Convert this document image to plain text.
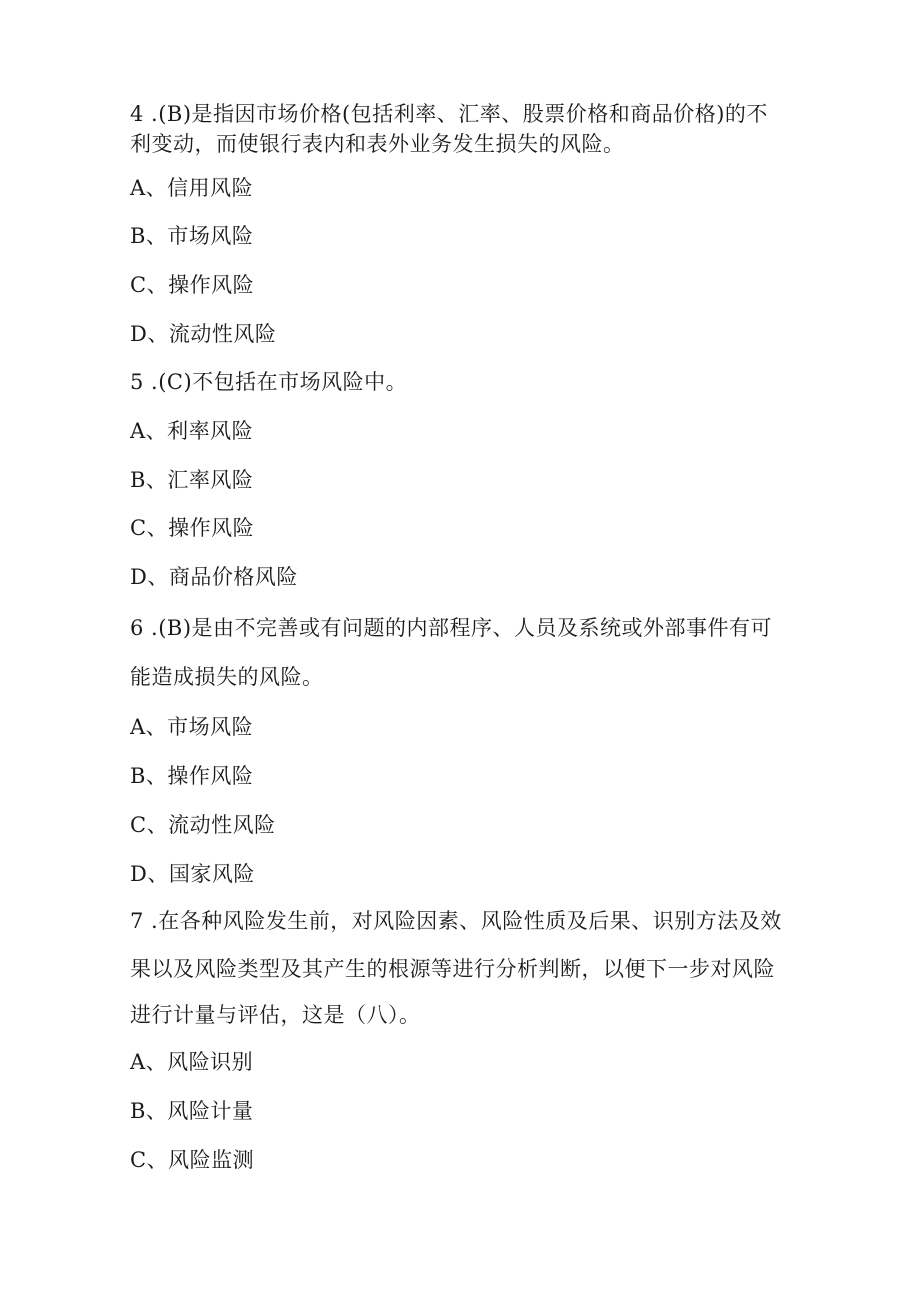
4 .(B)是指因市场价格(包括利率、汇率、股票价格和商品价格)的不
利变动，而使银行表内和表外业务发生损失的风险。
A、信用风险
B、市场风险
C、操作风险
D、流动性风险
5 .(C)不包括在市场风险中。
A、利率风险
B、汇率风险
C、操作风险
D、商品价格风险
6 .(B)是由不完善或有问题的内部程序、人员及系统或外部事件有可
能造成损失的风险。
A、市场风险
B、操作风险
C、流动性风险
D、国家风险
7 .在各种风险发生前，对风险因素、风险性质及后果、识别方法及效
果以及风险类型及其产生的根源等进行分析判断，以便下一步对风险
进行计量与评估，这是（八）。
A、风险识别
B、风险计量
C、风险监测
